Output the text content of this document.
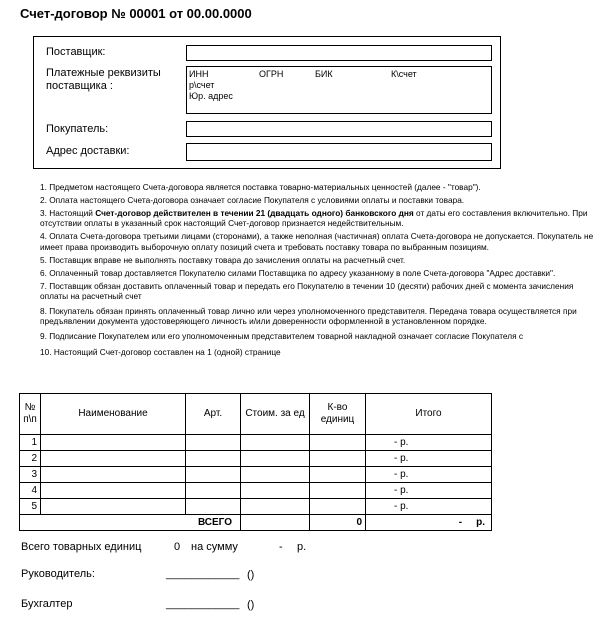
Счет-договор № 00001 от 00.00.0000
Поставщик:
Платежные реквизиты
поставщика :
ИНН	ОГРН	БИК	К\счет
р\счет
Юр. адрес
Покупатель:
Адрес доставки:

1. Предметом настоящего Счета-договора является поставка товарно-материальных ценностей (далее - "товар").

2. Оплата настоящего Счета-договора означает согласие Покупателя с условиями оплаты и поставки товара.

3. Настоящий Счет-договор действителен в течении 21 (двадцать одного) банковского дня от даты его составления включительно. При отсутствии оплаты в указанный срок настоящий Счет-договор признается недействительным.

4. Оплата Счета-договора третьими лицами (сторонами), а также неполная (частичная) оплата Счета-договора не допускается. Покупатель не имеет права производить выборочную оплату позиций счета и требовать поставку товара по выбранным позициям.

5. Поставщик вправе не выполнять поставку товара до зачисления оплаты на расчетный счет.

6. Оплаченный товар доставляется Покупателю силами Поставщика по адресу указанному в поле Счета-договора "Адрес доставки".

7. Поставщик обязан доставить оплаченный товар и передать его Покупателю в течении 10 (десяти) рабочих дней с момента зачисления оплаты на расчетный счет

8. Покупатель обязан принять оплаченный товар лично или через уполномоченного представителя. Передача товара осуществляется при предъявлении документа удостоверяющего личность и/или доверенности оформленной в установленном порядке.

9. Подписание Покупателем или его уполномоченным представителем товарной накладной означает согласие Покупателя с

10. Настоящий Счет-договор составлен на 1 (одной) странице

№ п\п	Наименование	Арт.	Стоим. за ед	К-во единиц	Итого
1					- р.
2					- р.
3					- р.
4					- р.
5					- р.
ВСЕГО				0	- р.
Всего товарных единиц	0 на сумму	- р.
Руководитель:	____________ ()
Бухгалтер	____________ ()
